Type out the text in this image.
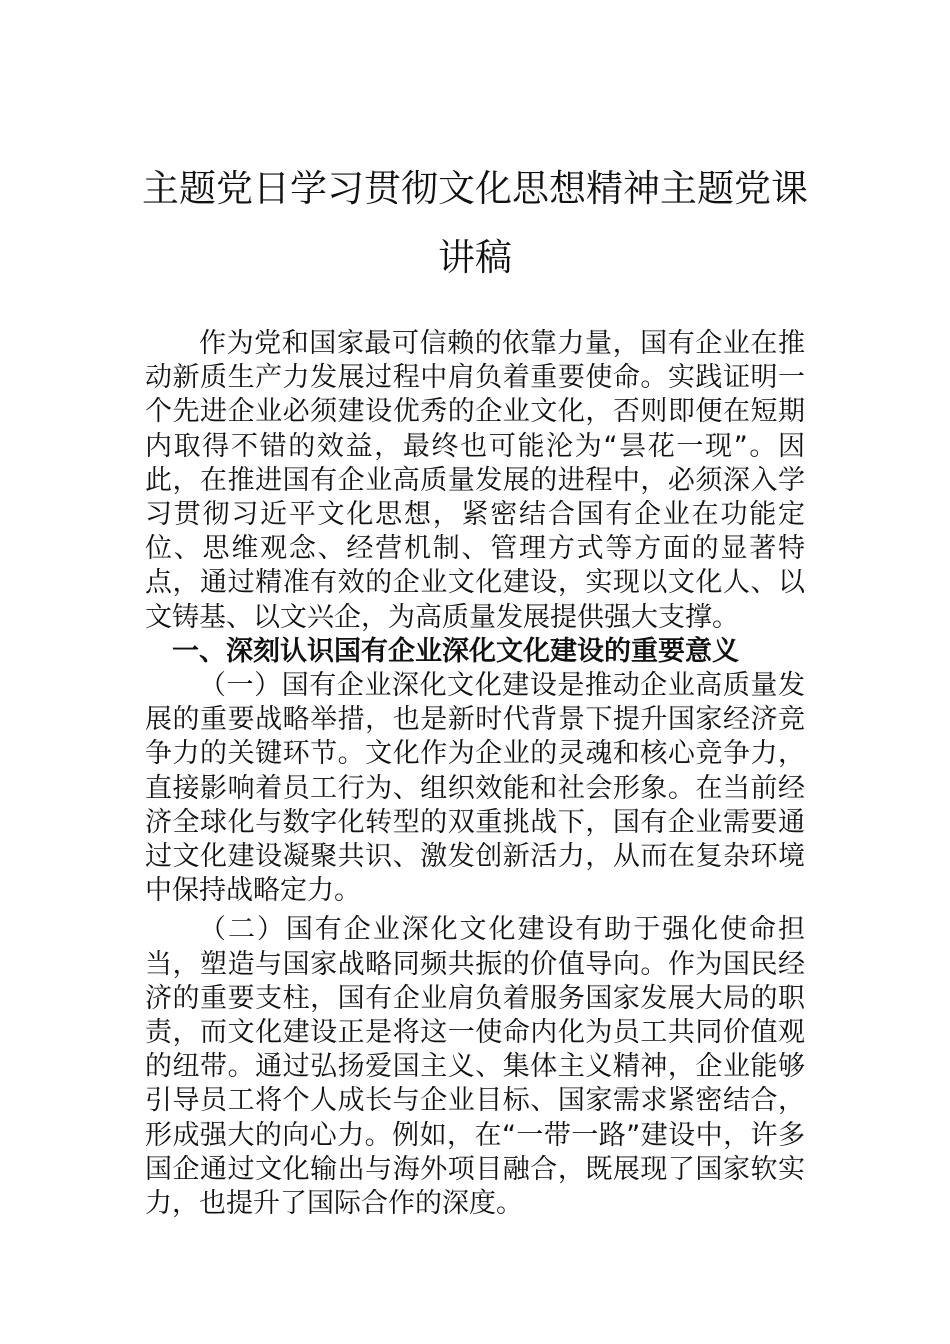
主题党日学习贯彻文化思想精神主题党课
讲稿

作为党和国家最可信赖的依靠力量，国有企业在推动新质生产力发展过程中肩负着重要使命。实践证明一个先进企业必须建设优秀的企业文化，否则即便在短期内取得不错的效益，最终也可能沦为“昙花一现”。因此，在推进国有企业高质量发展的进程中，必须深入学习贯彻习近平文化思想，紧密结合国有企业在功能定位、思维观念、经营机制、管理方式等方面的显著特点，通过精准有效的企业文化建设，实现以文化人、以文铸基、以文兴企，为高质量发展提供强大支撑。

一、深刻认识国有企业深化文化建设的重要意义

（一）国有企业深化文化建设是推动企业高质量发展的重要战略举措，也是新时代背景下提升国家经济竞争力的关键环节。文化作为企业的灵魂和核心竞争力，直接影响着员工行为、组织效能和社会形象。在当前经济全球化与数字化转型的双重挑战下，国有企业需要通过文化建设凝聚共识、激发创新活力，从而在复杂环境中保持战略定力。

（二）国有企业深化文化建设有助于强化使命担当，塑造与国家战略同频共振的价值导向。作为国民经济的重要支柱，国有企业肩负着服务国家发展大局的职责，而文化建设正是将这一使命内化为员工共同价值观的纽带。通过弘扬爱国主义、集体主义精神，企业能够引导员工将个人成长与企业目标、国家需求紧密结合，形成强大的向心力。例如，在“一带一路”建设中，许多国企通过文化输出与海外项目融合，既展现了国家软实力，也提升了国际合作的深度。
